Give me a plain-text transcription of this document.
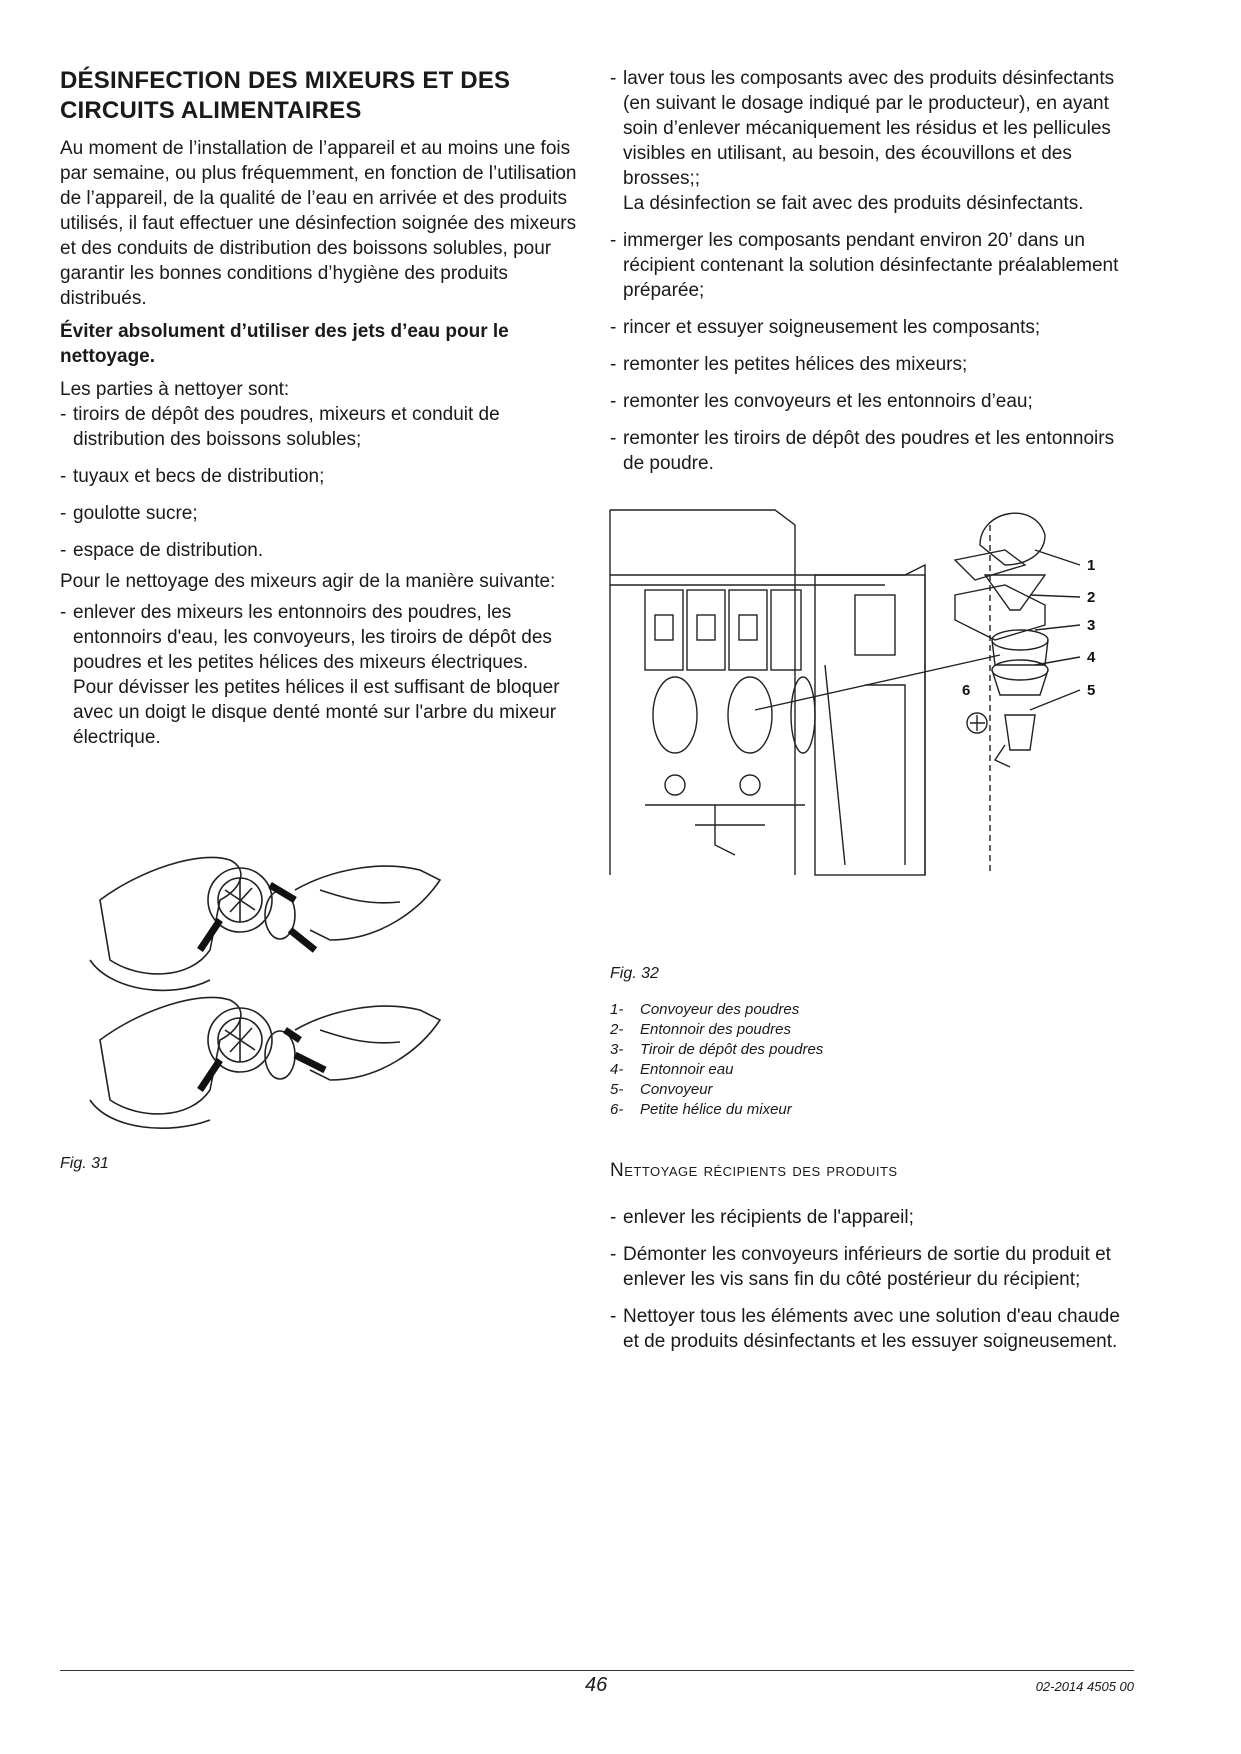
DÉSINFECTION DES MIXEURS ET DES
CIRCUITS ALIMENTAIRES

Au moment de l’installation de l’appareil et au moins une fois par semaine, ou plus fréquemment, en fonction de l’utilisation de l’appareil, de la qualité de l’eau en arrivée et des produits utilisés, il faut effectuer une désinfection soignée des mixeurs et des conduits de distribution des boissons solubles, pour garantir les bonnes conditions d’hygiène des produits distribués.

Éviter absolument d’utiliser des jets d’eau pour le nettoyage.

Les parties à nettoyer sont:

- tiroirs de dépôt des poudres, mixeurs et conduit de distribution des boissons solubles;
- tuyaux et becs de distribution;
- goulotte sucre;
- espace de distribution.

Pour le nettoyage des mixeurs agir de la manière suivante:

- enlever des mixeurs les entonnoirs des poudres, les entonnoirs d'eau, les convoyeurs, les tiroirs de dépôt des poudres et les petites hélices des mixeurs électriques.
Pour dévisser les petites hélices il est suffisant de bloquer avec un doigt le disque denté monté sur l'arbre du mixeur électrique.
Fig. 31
- laver tous les composants avec des produits désinfectants (en suivant le dosage indiqué par le producteur), en ayant soin d’enlever mécaniquement les résidus et les pellicules visibles en utilisant, au besoin, des écouvillons et des brosses;;
La désinfection se fait avec des produits désinfectants.
- immerger les composants pendant environ 20’ dans un récipient contenant la solution désinfectante préalablement préparée;
- rincer et essuyer soigneusement les composants;
- remonter les petites hélices des mixeurs;
- remonter les convoyeurs et les entonnoirs d’eau;
- remonter les tiroirs de dépôt des poudres et les entonnoirs de poudre.
1
2
3
4
5
6
Fig. 32
1- Convoyeur des poudres
2- Entonnoir des poudres
3- Tiroir de dépôt des poudres
4- Entonnoir eau
5- Convoyeur
6- Petite hélice du mixeur
Nettoyage récipients des produits
- enlever les récipients de l'appareil;
- Démonter les convoyeurs inférieurs de sortie du produit et enlever les vis sans fin du côté postérieur du récipient;
- Nettoyer tous les éléments avec une solution d'eau chaude et de produits désinfectants et les essuyer soigneusement.
46	02-2014 4505 00
